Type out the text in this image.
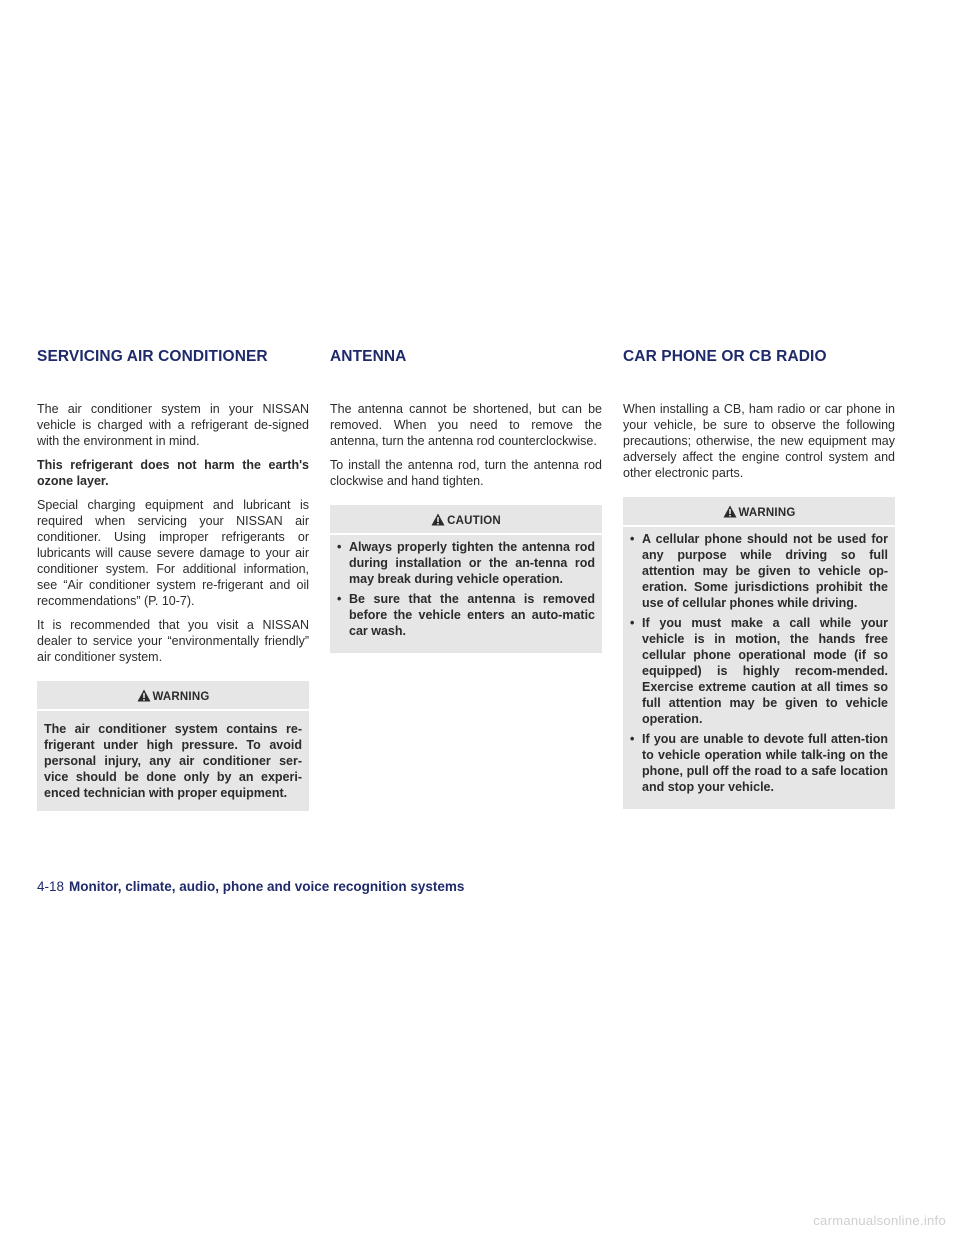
SERVICING AIR CONDITIONER	ANTENNA	CAR PHONE OR CB RADIO

The air conditioner system in your NISSAN vehicle is charged with a refrigerant de-signed with the environment in mind.

This refrigerant does not harm the earth's ozone layer.

Special charging equipment and lubricant is required when servicing your NISSAN air conditioner. Using improper refrigerants or lubricants will cause severe damage to your air conditioner system. For additional information, see “Air conditioner system re-frigerant and oil recommendations” (P. 10-7).

It is recommended that you visit a NISSAN dealer to service your “environmentally friendly” air conditioner system.

WARNING
The air conditioner system contains re-frigerant under high pressure. To avoid personal injury, any air conditioner ser-vice should be done only by an experi-enced technician with proper equipment.

The antenna cannot be shortened, but can be removed. When you need to remove the antenna, turn the antenna rod counterclockwise.

To install the antenna rod, turn the antenna rod clockwise and hand tighten.

CAUTION
• Always properly tighten the antenna rod during installation or the an-tenna rod may break during vehicle operation.
• Be sure that the antenna is removed before the vehicle enters an auto-matic car wash.

When installing a CB, ham radio or car phone in your vehicle, be sure to observe the following precautions; otherwise, the new equipment may adversely affect the engine control system and other electronic parts.

WARNING
• A cellular phone should not be used for any purpose while driving so full attention may be given to vehicle op-eration. Some jurisdictions prohibit the use of cellular phones while driving.
• If you must make a call while your vehicle is in motion, the hands free cellular phone operational mode (if so equipped) is highly recom-mended. Exercise extreme caution at all times so full attention may be given to vehicle operation.
• If you are unable to devote full atten-tion to vehicle operation while talk-ing on the phone, pull off the road to a safe location and stop your vehicle.
4-18 Monitor, climate, audio, phone and voice recognition systems
carmanualsonline.info
